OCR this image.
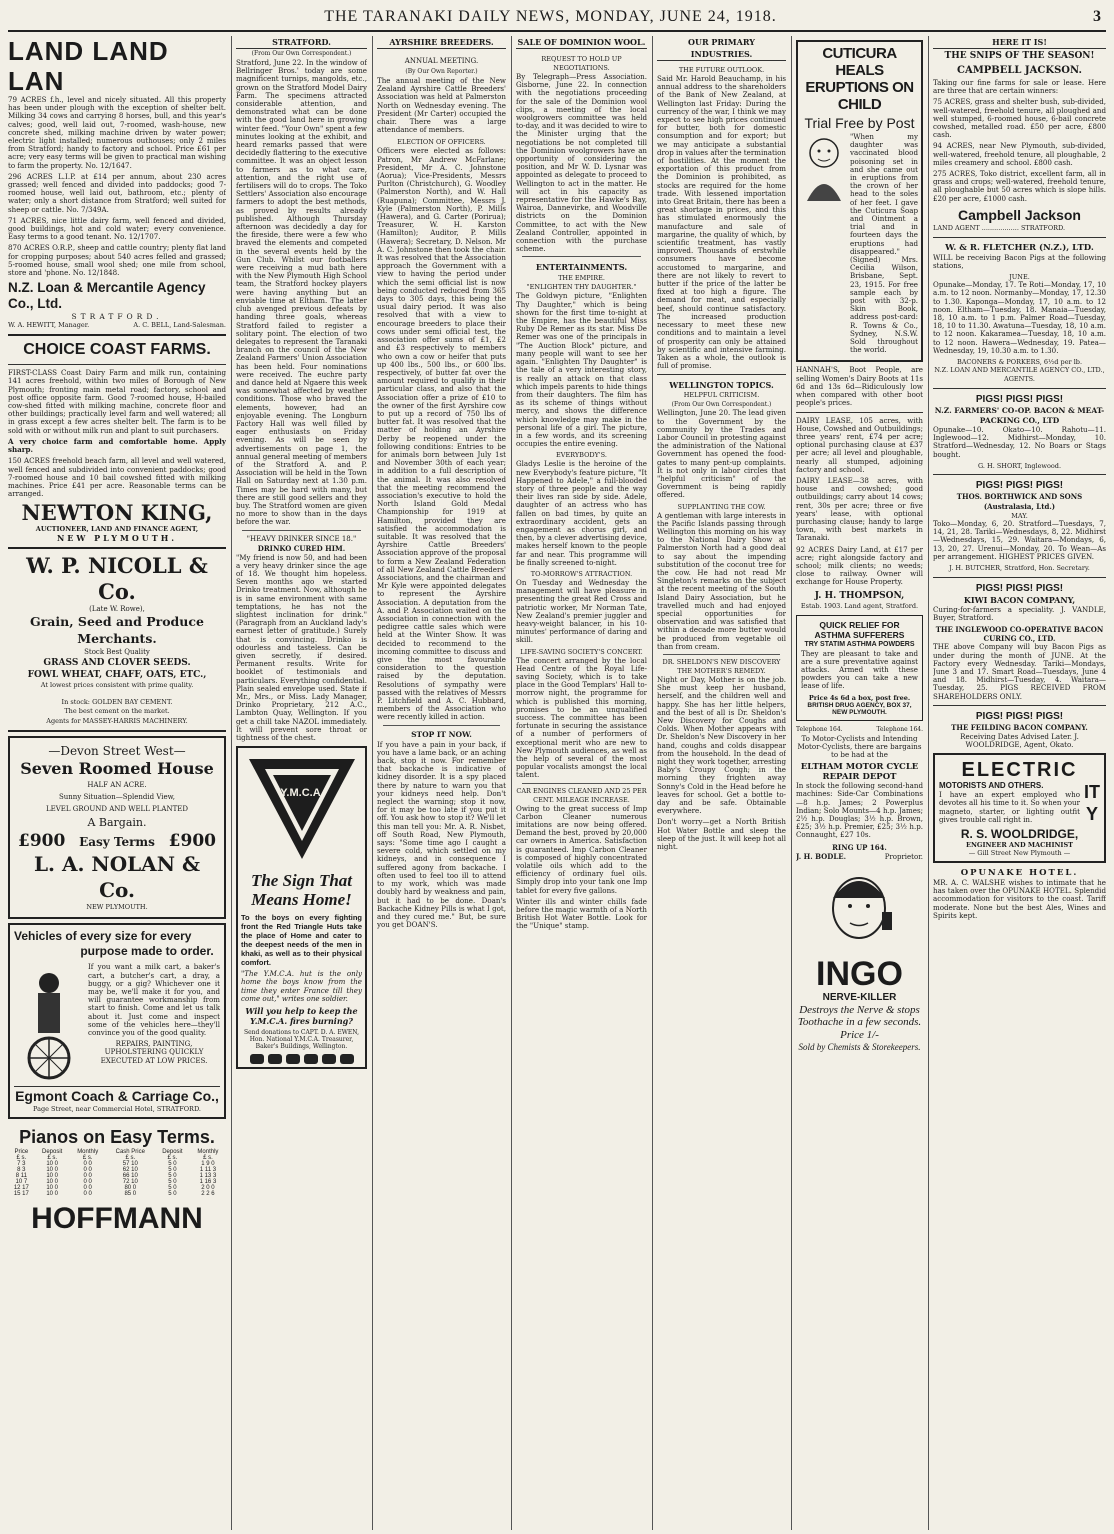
THE TARANAKI DAILY NEWS, MONDAY, JUNE 24, 1918.	3
LAND LAND LAN

79 ACRES f.h., level and nicely situated. All this property has been under plough with the exception of shelter belt. Milking 34 cows and carrying 8 horses, bull, and this year's calves; good, well laid out, 7-roomed, wash-house, new concrete shed, milking machine driven by water power; electric light installed; numerous outhouses; only 2 miles from Stratford; handy to factory and school. Price £61 per acre; very easy terms will be given to practical man wishing to farm the property. No. 12/1647.

296 ACRES L.I.P. at £14 per annum, about 230 acres grassed; well fenced and divided into paddocks; good 7-roomed house, well laid out, bathroom, etc.; plenty of water; only a short distance from Stratford; well suited for sheep or cattle. No. 7/349A.

71 ACRES, nice little dairy farm, well fenced and divided, good buildings, hot and cold water; every convenience. Easy terms to a good tenant. No. 12/1707.

870 ACRES O.R.P., sheep and cattle country; plenty flat land for cropping purposes; about 540 acres felled and grassed; 5-roomed house, small wool shed; one mile from school, store and 'phone. No. 12/1848.

N.Z. Loan & Mercantile Agency Co., Ltd.
STRATFORD.
W. A. HEWITT, Manager.	A. C. BELL, Land-Salesman.
CHOICE COAST FARMS.

FIRST-CLASS Coast Dairy Farm and milk run, containing 141 acres freehold, within two miles of Borough of New Plymouth; fronting main metal road; factory, school and post office opposite farm. Good 7-roomed house, H-bailed cow-shed fitted with milking machine, concrete floor and other buildings; practically level farm and well watered; all in grass except a few acres shelter belt. The farm is to be sold with or without milk run and plant to suit purchasers.

A very choice farm and comfortable home. Apply sharp.

150 ACRES freehold beach farm, all level and well watered, well fenced and subdivided into convenient paddocks; good 7-roomed house and 10 bail cowshed fitted with milking machines. Price £41 per acre. Reasonable terms can be arranged.

NEWTON KING,
AUCTIONEER, LAND AND FINANCE AGENT,
NEW PLYMOUTH.
W. P. NICOLL & Co.
(Late W. Rowe),
Grain, Seed and Produce Merchants.
Stock Best Quality
GRASS AND CLOVER SEEDS.
FOWL WHEAT, CHAFF, OATS, ETC.,
At lowest prices consistent with prime quality.
In stock: GOLDEN BAY CEMENT.
The best cement on the market.
Agents for MASSEY-HARRIS MACHINERY.
—Devon Street West—
Seven Roomed House
HALF AN ACRE.
Sunny Situation—Splendid View,
LEVEL GROUND AND WELL PLANTED
A Bargain.
£900 Easy Terms £900
L. A. NOLAN & Co.
NEW PLYMOUTH.
Vehicles of every size for every
purpose made to order.

If you want a milk cart, a baker's cart, a butcher's cart, a dray, a buggy, or a gig? Whichever one it may be, we'll make it for you, and will guarantee workmanship from start to finish. Come and let us talk about it. Just come and inspect some of the vehicles here—they'll convince you of the good quality.

REPAIRS, PAINTING, UPHOLSTERING QUICKLY EXECUTED AT LOW PRICES.

Egmont Coach & Carriage Co.,
Page Street, near Commercial Hotel, STRATFORD.
Pianos on Easy Terms.
Price	Deposit	Monthly	Cash Price	Deposit	Monthly
£ s.	£ s.	£ s.	£ s.	£ s.	£ s.
7 3	10 0	0 0	57 10	5 0	1 9 0
8 3	10 0	0 0	62 10	5 0	1 11 3
8 11	10 0	0 0	66 10	5 0	1 13 3
10 7	10 0	0 0	72 10	5 0	1 16 3
12 17	10 0	0 0	80 0	5 0	2 0 0
15 17	10 0	0 0	85 0	5 0	2 2 6
HOFFMANN
STRATFORD.
(From Our Own Correspondent.)

Stratford, June 22. In the window of Bellringer Bros.' today are some magnificent turnips, mangolds, etc., grown on the Stratford Model Dairy Farm. The specimens attracted considerable attention, and demonstrated what can be done with the good land here in growing winter feed. "Your Own" spent a few minutes looking at the exhibit, and heard remarks passed that were decidedly flattering to the executive committee. It was an object lesson to farmers as to what care, attention, and the right use of fertilisers will do to crops. The Toko Settlers' Association also encourage farmers to adopt the best methods, as proved by results already published. Although Thursday afternoon was decidedly a day for the fireside, there were a few who braved the elements and competed in the several events held by the Gun Club. Whilst our footballers were receiving a mud bath here with the New Plymouth High School team, the Stratford hockey players were having anything but an enviable time at Eltham. The latter club avenged previous defeats by handing three goals, whereas Stratford failed to register a solitary point. The election of two delegates to represent the Taranaki branch on the council of the New Zealand Farmers' Union Association has been held. Four nominations were received. The euchre party and dance held at Ngaere this week was somewhat affected by weather conditions. Those who braved the elements, however, had an enjoyable evening. The Longburn Factory Hall was well filled by eager enthusiasts on Friday evening. As will be seen by advertisements on page 1, the annual general meeting of members of the Stratford A. and P. Association will be held in the Town Hall on Saturday next at 1.30 p.m. Times may be hard with many, but there are still good sellers and they buy. The Stratford women are given no more to show than in the days before the war.

"HEAVY DRINKER SINCE 18."
DRINKO CURED HIM.

"My friend is now 50, and had been a very heavy drinker since the age of 18. We thought him hopeless. Seven months ago we started Drinko treatment. Now, although he is in same environment with same temptations, he has not the slightest inclination for drink." (Paragraph from an Auckland lady's earnest letter of gratitude.) Surely that is convincing. Drinko is odourless and tasteless. Can be given secretly, if desired. Permanent results. Write for booklet of testimonials and particulars. Everything confidential. Plain sealed envelope used. State if Mr., Mrs., or Miss. Lady Manager, Drinko Proprietary, 212 A.C., Lambton Quay, Wellington. If you get a chill take NAZOL immediately. It will prevent sore throat or tightness of the chest.

Y.M.C.A.
The Sign That Means Home!

To the boys on every fighting front the Red Triangle Huts take the place of Home and cater to the deepest needs of the men in khaki, as well as to their physical comfort.

"The Y.M.C.A. hut is the only home the boys know from the time they enter France till they come out," writes one soldier.

Will you help to keep the Y.M.C.A. fires burning?

Send donations to CAPT. D. A. EWEN, Hon. National Y.M.C.A. Treasurer, Baker's Buildings, Wellington.

AYRSHIRE BREEDERS.
ANNUAL MEETING.
(By Our Own Reporter.)

The annual meeting of the New Zealand Ayrshire Cattle Breeders' Association was held at Palmerston North on Wednesday evening. The President (Mr Carter) occupied the chair. There was a large attendance of members.

ELECTION OF OFFICERS.

Officers were elected as follows: Patron, Mr Andrew McFarlane; President, Mr A. C. Johnstone (Aorua); Vice-Presidents, Messrs Purlton (Christchurch), G. Woodley (Palmerston North), and W. Hall (Ruapuna); Committee, Messrs J. Kyle (Palmerston North), P. Mills (Hawera), and G. Carter (Porirua); Treasurer, W. H. Karston (Hamilton); Auditor, P. Mills (Hawera); Secretary, D. Nelson. Mr A. C. Johnstone then took the chair. It was resolved that the Association approach the Government with a view to having the period under which the semi official list is now being conducted reduced from 365 days to 305 days, this being the usual dairy period. It was also resolved that with a view to encourage breeders to place their cows under semi official test, the association offer sums of £1, £2 and £3 respectively to members who own a cow or heifer that puts up 400 lbs., 500 lbs., or 600 lbs. respectively, of butter fat over the amount required to qualify in their particular class, and also that the Association offer a prize of £10 to the owner of the first Ayrshire cow to put up a record of 750 lbs of butter fat. It was resolved that the matter of holding an Ayrshire Derby be reopened under the following conditions: Entries to be for animals born between July 1st and November 30th of each year; in addition to a full description of the animal. It was also resolved that the meeting recommend the association's executive to hold the North Island Gold Medal Championship for 1919 at Hamilton, provided they are satisfied the accommodation is suitable. It was resolved that the Ayrshire Cattle Breeders' Association approve of the proposal to form a New Zealand Federation of all New Zealand Cattle Breeders' Associations, and the chairman and Mr Kyle were appointed delegates to represent the Ayrshire Association. A deputation from the A. and P. Association waited on the Association in connection with the pedigree cattle sales which were held at the Winter Show. It was decided to recommend to the incoming committee to discuss and give the most favourable consideration to the question raised by the deputation. Resolutions of sympathy were passed with the relatives of Messrs P. Litchfield and A. C. Hubbard, members of the Association who were recently killed in action.

STOP IT NOW.

If you have a pain in your back, if you have a lame back, or an aching back, stop it now. For remember that backache is indicative of kidney disorder. It is a spy placed there by nature to warn you that your kidneys need help. Don't neglect the warning; stop it now, for it may be too late if you put it off. You ask how to stop it? We'll let this man tell you: Mr. A. R. Nisbet, off South Road, New Plymouth, says: "Some time ago I caught a severe cold, which settled on my kidneys, and in consequence I suffered agony from backache. I often used to feel too ill to attend to my work, which was made doubly hard by weakness and pain, but it had to be done. Doan's Backache Kidney Pills is what I got, and they cured me." But, be sure you get DOAN'S.

SALE OF DOMINION WOOL.
REQUEST TO HOLD UP NEGOTIATIONS.

By Telegraph—Press Association. Gisborne, June 22. In connection with the negotiations proceeding for the sale of the Dominion wool clips, a meeting of the local woolgrowers committee was held to-day, and it was decided to wire to the Minister urging that the negotiations be not completed till the Dominion woolgrowers have an opportunity of considering the position, and Mr W. D. Lysnar was appointed as delegate to proceed to Wellington to act in the matter. He will act in his capacity as representative for the Hawke's Bay, Wairoa, Dannevirke, and Woodville districts on the Dominion Committee, to act with the New Zealand Controller, appointed in connection with the purchase scheme.

ENTERTAINMENTS.
THE EMPIRE.
"ENLIGHTEN THY DAUGHTER."

The Goldwyn picture, "Enlighten Thy Daughter," which is being shown for the first time to-night at the Empire, has the beautiful Miss Ruby De Remer as its star. Miss De Remer was one of the principals in "The Auction Block" picture, and many people will want to see her again. "Enlighten Thy Daughter" is the tale of a very interesting story, is really an attack on that class which impels parents to hide things from their daughters. The film has as its scheme of things without mercy, and shows the difference which knowledge may make in the personal life of a girl. The picture, in a few words, and its screening occupies the entire evening.

EVERYBODY'S.

Gladys Leslie is the heroine of the new Everybody's feature picture, "It Happened to Adele," a full-blooded story of three people and the way their lives ran side by side. Adele, daughter of an actress who has fallen on bad times, by quite an extraordinary accident, gets an engagement as chorus girl, and then, by a clever advertising device, makes herself known to the people far and near. This programme will be finally screened to-night.

TO-MORROW'S ATTRACTION.

On Tuesday and Wednesday the management will have pleasure in presenting the great Red Cross and patriotic worker, Mr Norman Tate, New Zealand's premier juggler and heavy-weight balancer, in his 10-minutes' performance of daring and skill.

LIFE-SAVING SOCIETY'S CONCERT.

The concert arranged by the local Head Centre of the Royal Life-saving Society, which is to take place in the Good Templars' Hall to-morrow night, the programme for which is published this morning, promises to be an unqualified success. The committee has been fortunate in securing the assistance of a number of performers of exceptional merit who are new to New Plymouth audiences, as well as the help of several of the most popular vocalists amongst the local talent.

CAR ENGINES CLEANED AND 25 PER CENT. MILEAGE INCREASE.

Owing to the great success of Imp Carbon Cleaner numerous imitations are now being offered. Demand the best, proved by 20,000 car owners in America. Satisfaction is guaranteed. Imp Carbon Cleaner is composed of highly concentrated volatile oils which add to the efficiency of ordinary fuel oils. Simply drop into your tank one Imp tablet for every five gallons.

Winter ills and winter chills fade before the magic warmth of a North British Hot Water Bottle. Look for the "Unique" stamp.

OUR PRIMARY INDUSTRIES.
THE FUTURE OUTLOOK.

Said Mr. Harold Beauchamp, in his annual address to the shareholders of the Bank of New Zealand, at Wellington last Friday: During the currency of the war, I think we may expect to see high prices continued for butter, both for domestic consumption and for export; but we may anticipate a substantial drop in values after the termination of hostilities. At the moment the exportation of this product from the Dominion is prohibited, as stocks are required for the home trade. With lessened importation into Great Britain, there has been a great shortage in prices, and this has stimulated enormously the manufacture and sale of margarine, the quality of which, by scientific treatment, has vastly improved. Thousands of erstwhile consumers have become accustomed to margarine, and there are not likely to revert to butter if the price of the latter be fixed at too high a figure. The demand for meat, and especially beef, should continue satisfactory. The increased production necessary to meet these new conditions and to maintain a level of prosperity can only be attained by scientific and intensive farming. Taken as a whole, the outlook is full of promise.

WELLINGTON TOPICS.
HELPFUL CRITICISM.
(From Our Own Correspondent.)

Wellington, June 20. The lead given to the Government by the community by the Trades and Labor Council in protesting against the administration of the National Government has opened the food-gates to many pent-up complaints. It is not only in labor circles that "helpful criticism" of the Government is being rapidly offered.

SUPPLANTING THE COW.

A gentleman with large interests in the Pacific Islands passing through Wellington this morning on his way to the National Dairy Show at Palmerston North had a good deal to say about the impending substitution of the coconut tree for the cow. He had not read Mr Singleton's remarks on the subject at the recent meeting of the South Island Dairy Association, but he travelled much and had enjoyed special opportunities for observation and was satisfied that within a decade more butter would be produced from vegetable oil than from cream.

DR. SHELDON'S NEW DISCOVERY THE MOTHER'S REMEDY.

Night or Day, Mother is on the job. She must keep her husband, herself, and the children well and happy. She has her little helpers, and the best of all is Dr. Sheldon's New Discovery for Coughs and Colds. When Mother appears with Dr. Sheldon's New Discovery in her hand, coughs and colds disappear from the household. In the dead of night they work together, arresting Baby's Croupy Cough; in the morning they frighten away Sonny's Cold in the Head before he leaves for school. Get a bottle to-day and be safe. Obtainable everywhere.

Don't worry—get a North British Hot Water Bottle and sleep the sleep of the just. It will keep hot all night.

CUTICURA HEALS ERUPTIONS ON CHILD
Trial Free by Post

"When my daughter was vaccinated blood poisoning set in and she came out in eruptions from the crown of her head to the soles of her feet. I gave the Cuticura Soap and Ointment a trial and in fourteen days the eruptions had disappeared." (Signed) Mrs. Cecilia Wilson, Brisbane, Sept. 23, 1915. For free sample each by post with 32-p. Skin Book, address post-card: R. Towns & Co., Sydney, N.S.W. Sold throughout the world.

HANNAH'S, Boot People, are selling Women's Dairy Boots at 11s 6d and 13s 6d—Ridiculously low when compared with other boot people's prices.

DAIRY LEASE, 105 acres, with House, Cowshed and Outbuildings; three years' rent, £74 per acre; optional purchasing clause at £37 per acre; all level and ploughable, nearly all stumped, adjoining factory and school.

DAIRY LEASE—38 acres, with house and cowshed; good outbuildings; carry about 14 cows; rent, 30s per acre; three or five years' lease, with optional purchasing clause; handy to large town, with best markets in Taranaki.

92 ACRES Dairy Land, at £17 per acre; right alongside factory and school; milk clients; no weeds; close to railway. Owner will exchange for House Property.

J. H. THOMPSON,
Estab. 1903. Land agent, Stratford.
QUICK RELIEF FOR ASTHMA SUFFERERS
TRY STATIM ASTHMA POWDERS

They are pleasant to take and are a sure preventative against attacks. Armed with these powders you can take a new lease of life.

Price 4s 6d a box, post free.
BRITISH DRUG AGENCY, BOX 37, NEW PLYMOUTH.
Telephone 164.	Telephone 164.

To Motor-Cyclists and Intending Motor-Cyclists, there are bargains to be had at the

ELTHAM MOTOR CYCLE REPAIR DEPOT

In stock the following second-hand machines: Side-Car Combinations—8 h.p. James; 2 Powerplus Indian; Solo Mounts—4 h.p. James; 2½ h.p. Douglas; 3½ h.p. Brown, £25; 3½ h.p. Premier, £25; 3½ h.p. Connaught, £27 10s.

RING UP 164.
J. H. BODLE.	Proprietor.
INGO
NERVE-KILLER
Destroys the Nerve & stops Toothache in a few seconds.
Price 1/-
Sold by Chemists & Storekeepers.
HERE IT IS!
THE SNIPS OF THE SEASON!
CAMPBELL JACKSON.

Taking our fine farms for sale or lease. Here are three that are certain winners:

75 ACRES, grass and shelter bush, sub-divided, well-watered, freehold tenure, all ploughed and well stumped, 6-roomed house, 6-bail concrete cowshed, metalled road. £50 per acre, £800 cash.

94 ACRES, near New Plymouth, sub-divided, well-watered, freehold tenure, all ploughable, 2 miles creamery and school. £800 cash.

275 ACRES, Toko district, excellent farm, all in grass and crops; well-watered, freehold tenure, all ploughable but 50 acres which is slope hills. £20 per acre, £1000 cash.

Campbell Jackson
LAND AGENT .................. STRATFORD.
W. & R. FLETCHER (N.Z.), LTD.

WILL be receiving Bacon Pigs at the following stations,

JUNE.

Opunake—Monday, 17. Te Roti—Monday, 17, 10 a.m. to 12 noon. Normanby—Monday, 17, 12.30 to 1.30. Kaponga—Monday, 17, 10 a.m. to 12 noon. Eltham—Tuesday, 18. Manaia—Tuesday, 18, 10 a.m. to 1 p.m. Palmer Road—Tuesday, 18, 10 to 11.30. Awatuna—Tuesday, 18, 10 a.m. to 12 noon. Kakaramea—Tuesday, 18, 10 a.m. to 12 noon. Hawera—Wednesday, 19. Patea—Wednesday, 19, 10.30 a.m. to 1.30.

BACONERS & PORKERS, 6½d per lb.
N.Z. LOAN AND MERCANTILE AGENCY CO., LTD., AGENTS.
PIGS! PIGS! PIGS!
N.Z. FARMERS' CO-OP. BACON & MEAT-PACKING CO., LTD

Opunake—10. Okato—10. Rahotu—11. Inglewood—12. Midhirst—Monday, 10. Stratford—Wednesday, 12. No Boars or Stags bought.

G. H. SHORT, Inglewood.
PIGS! PIGS! PIGS!
THOS. BORTHWICK AND SONS (Australasia, Ltd.)
MAY.

Toko—Monday, 6, 20. Stratford—Tuesdays, 7, 14, 21, 28. Tariki—Wednesdays, 8, 22. Midhirst—Wednesdays, 15, 29. Waitara—Mondays, 6, 13, 20, 27. Urenui—Monday, 20. To Wean—As per arrangement. HIGHEST PRICES GIVEN.

J. H. BUTCHER, Stratford, Hon. Secretary.
PIGS! PIGS! PIGS!
KIWI BACON COMPANY,

Curing-for-farmers a speciality. J. VANDLE, Buyer, Stratford.

THE INGLEWOOD CO-OPERATIVE BACON CURING CO., LTD.

THE above Company will buy Bacon Pigs as under during the month of JUNE. At the Factory every Wednesday. Tariki—Mondays, June 3 and 17. Smart Road—Tuesdays, June 4 and 18. Midhirst—Tuesday, 4. Waitara—Tuesday, 25. PIGS RECEIVED FROM SHAREHOLDERS ONLY.

PIGS! PIGS! PIGS!
THE FEILDING BACON COMPANY.

Receiving Dates Advised Later. J. WOOLDRIDGE, Agent, Okato.

ELECTRIC
MOTORISTS AND OTHERS.

I have an expert employed who devotes all his time to it. So when your magneto, starter, or lighting outfit gives trouble call right in.

ITY
R. S. WOOLDRIDGE,
ENGINEER AND MACHINIST
— Gill Street New Plymouth —
OPUNAKE HOTEL.

MR. A. C. WALSHE wishes to intimate that he has taken over the OPUNAKE HOTEL. Splendid accommodation for visitors to the coast. Tariff moderate. None but the best Ales, Wines and Spirits kept.
